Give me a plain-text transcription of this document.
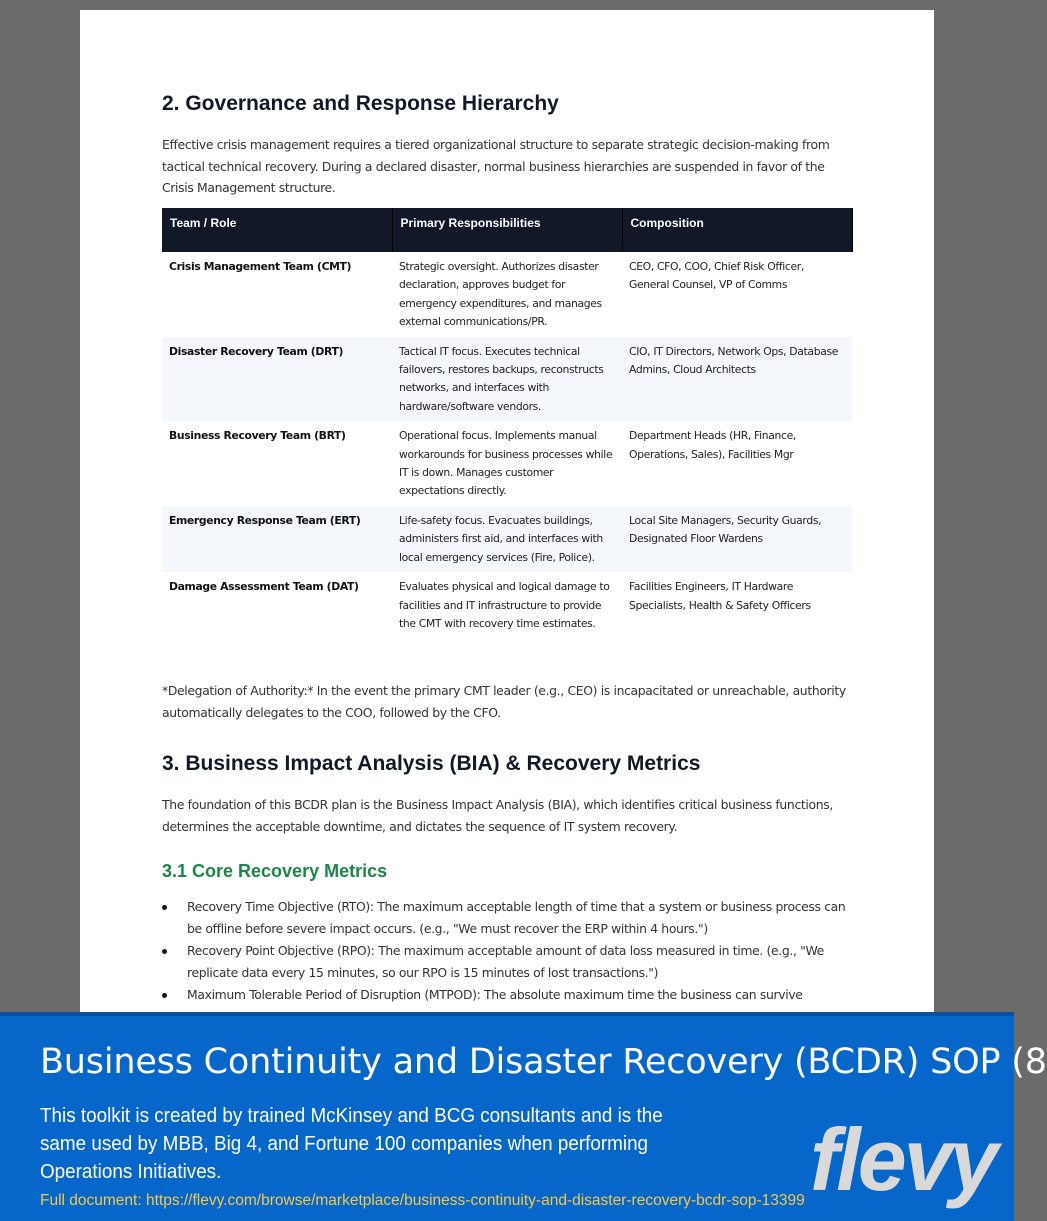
2. Governance and Response Hierarchy

Effective crisis management requires a tiered organizational structure to separate strategic decision-making from tactical technical recovery. During a declared disaster, normal business hierarchies are suspended in favor of the Crisis Management structure.

Team / Role	Primary Responsibilities	Composition
Crisis Management Team (CMT)	Strategic oversight. Authorizes disaster declaration, approves budget for emergency expenditures, and manages external communications/PR.	CEO, CFO, COO, Chief Risk Officer, General Counsel, VP of Comms
Disaster Recovery Team (DRT)	Tactical IT focus. Executes technical failovers, restores backups, reconstructs networks, and interfaces with hardware/software vendors.	CIO, IT Directors, Network Ops, Database Admins, Cloud Architects
Business Recovery Team (BRT)	Operational focus. Implements manual workarounds for business processes while IT is down. Manages customer expectations directly.	Department Heads (HR, Finance, Operations, Sales), Facilities Mgr
Emergency Response Team (ERT)	Life-safety focus. Evacuates buildings, administers first aid, and interfaces with local emergency services (Fire, Police).	Local Site Managers, Security Guards, Designated Floor Wardens
Damage Assessment Team (DAT)	Evaluates physical and logical damage to facilities and IT infrastructure to provide the CMT with recovery time estimates.	Facilities Engineers, IT Hardware Specialists, Health & Safety Officers

*Delegation of Authority:* In the event the primary CMT leader (e.g., CEO) is incapacitated or unreachable, authority automatically delegates to the COO, followed by the CFO.

3. Business Impact Analysis (BIA) & Recovery Metrics

The foundation of this BCDR plan is the Business Impact Analysis (BIA), which identifies critical business functions, determines the acceptable downtime, and dictates the sequence of IT system recovery.

3.1 Core Recovery Metrics
Recovery Time Objective (RTO): The maximum acceptable length of time that a system or business process can be offline before severe impact occurs. (e.g., "We must recover the ERP within 4 hours.")
Recovery Point Objective (RPO): The maximum acceptable amount of data loss measured in time. (e.g., "We replicate data every 15 minutes, so our RPO is 15 minutes of lost transactions.")
Maximum Tolerable Period of Disruption (MTPOD): The absolute maximum time the business can survive
Business Continuity and Disaster Recovery (BCDR) SOP (8
This toolkit is created by trained McKinsey and BCG consultants and is the same used by MBB, Big 4, and Fortune 100 companies when performing Operations Initiatives.
Full document: https://flevy.com/browse/marketplace/business-continuity-and-disaster-recovery-bcdr-sop-13399 flevy
